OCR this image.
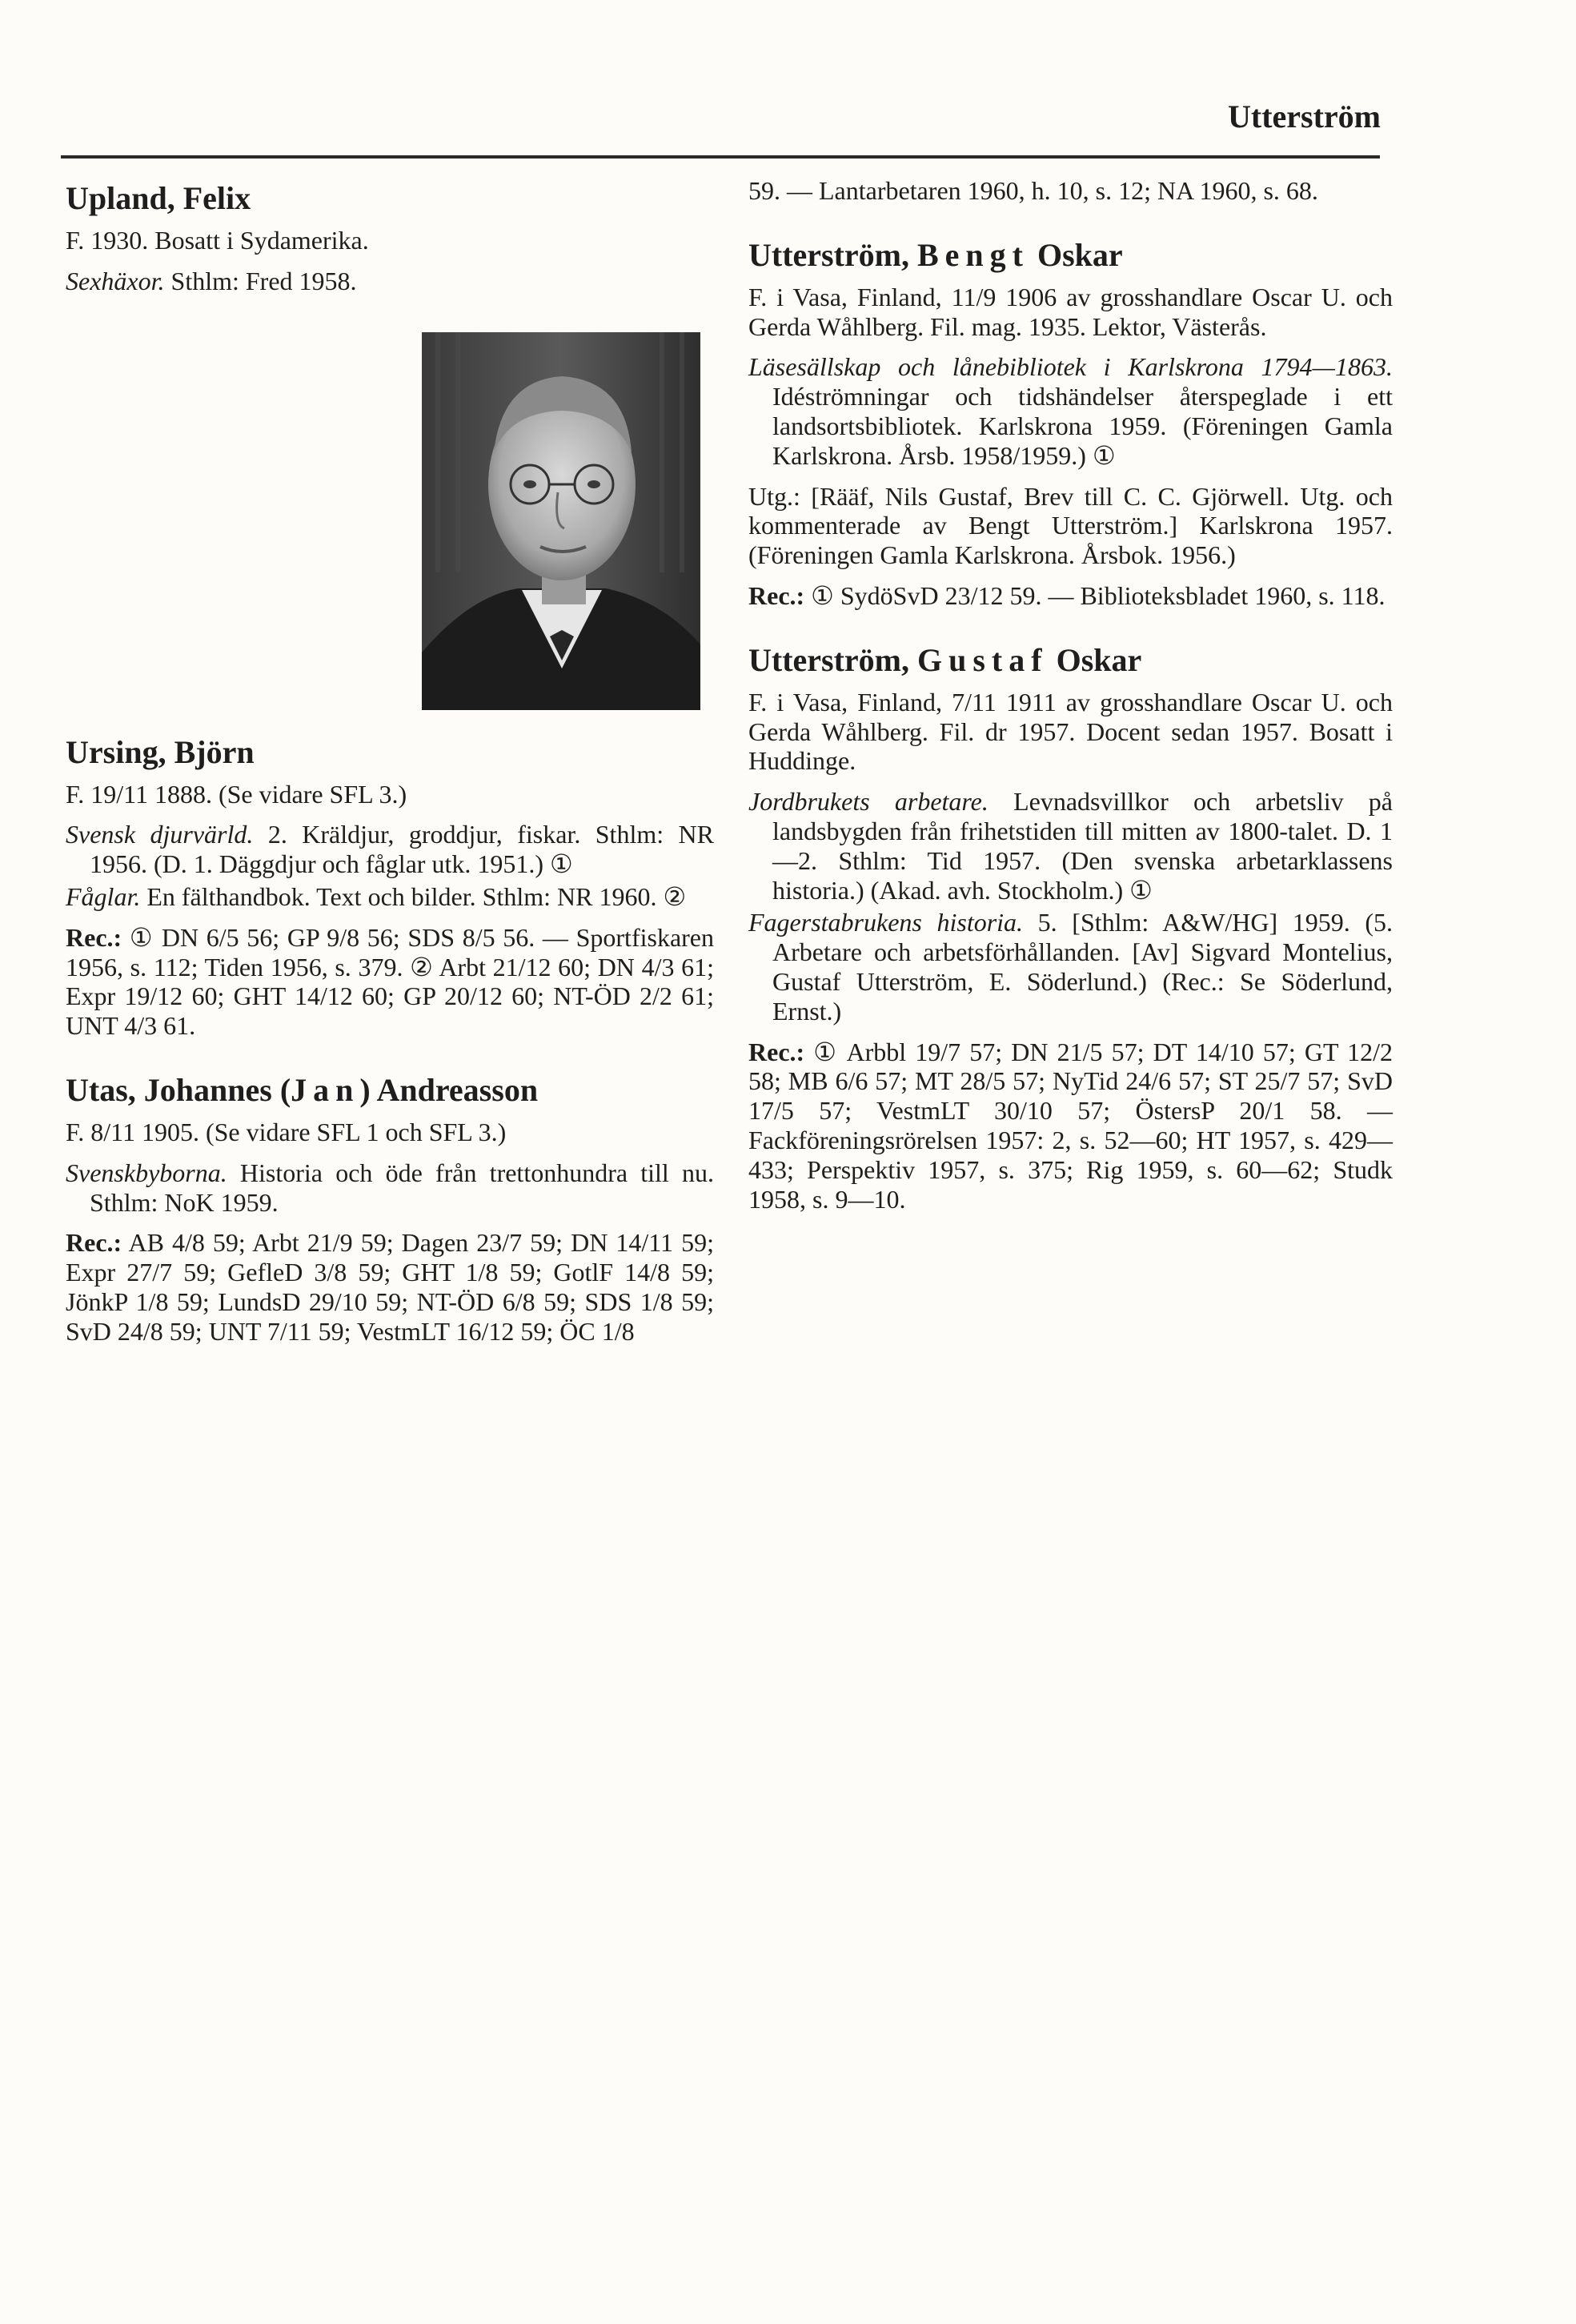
Utterström
Upland, Felix

F. 1930. Bosatt i Sydamerika.

Sexhäxor. Sthlm: Fred 1958.

Ursing, Björn

F. 19/11 1888. (Se vidare SFL 3.)

Svensk djurvärld. 2. Kräldjur, groddjur, fiskar. Sthlm: NR 1956. (D. 1. Däggdjur och fåglar utk. 1951.) ①

Fåglar. En fälthandbok. Text och bilder. Sthlm: NR 1960. ②

Rec.: ① DN 6/5 56; GP 9/8 56; SDS 8/5 56. — Sportfiskaren 1956, s. 112; Tiden 1956, s. 379. ② Arbt 21/12 60; DN 4/3 61; Expr 19/12 60; GHT 14/12 60; GP 20/12 60; NT-ÖD 2/2 61; UNT 4/3 61.

Utas, Johannes (Jan) Andreasson

F. 8/11 1905. (Se vidare SFL 1 och SFL 3.)

Svenskbyborna. Historia och öde från trettonhundra till nu. Sthlm: NoK 1959.

Rec.: AB 4/8 59; Arbt 21/9 59; Dagen 23/7 59; DN 14/11 59; Expr 27/7 59; GefleD 3/8 59; GHT 1/8 59; GotlF 14/8 59; JönkP 1/8 59; LundsD 29/10 59; NT-ÖD 6/8 59; SDS 1/8 59; SvD 24/8 59; UNT 7/11 59; VestmLT 16/12 59; ÖC 1/8

59. — Lantarbetaren 1960, h. 10, s. 12; NA 1960, s. 68.

Utterström, Bengt Oskar

F. i Vasa, Finland, 11/9 1906 av grosshandlare Oscar U. och Gerda Wåhlberg. Fil. mag. 1935. Lektor, Västerås.

Läsesällskap och lånebibliotek i Karlskrona 1794—1863. Idéströmningar och tidshändelser återspeglade i ett landsortsbibliotek. Karlskrona 1959. (Föreningen Gamla Karlskrona. Årsb. 1958/1959.) ①

Utg.: [Rääf, Nils Gustaf, Brev till C. C. Gjörwell. Utg. och kommenterade av Bengt Utterström.] Karlskrona 1957. (Föreningen Gamla Karlskrona. Årsbok. 1956.)

Rec.: ① SydöSvD 23/12 59. — Biblioteksbladet 1960, s. 118.

Utterström, Gustaf Oskar

F. i Vasa, Finland, 7/11 1911 av grosshandlare Oscar U. och Gerda Wåhlberg. Fil. dr 1957. Docent sedan 1957. Bosatt i Huddinge.

Jordbrukets arbetare. Levnadsvillkor och arbetsliv på landsbygden från frihetstiden till mitten av 1800-talet. D. 1—2. Sthlm: Tid 1957. (Den svenska arbetarklassens historia.) (Akad. avh. Stockholm.) ①

Fagerstabrukens historia. 5. [Sthlm: A&W/HG] 1959. (5. Arbetare och arbetsförhållanden. [Av] Sigvard Montelius, Gustaf Utterström, E. Söderlund.) (Rec.: Se Söderlund, Ernst.)

Rec.: ① Arbbl 19/7 57; DN 21/5 57; DT 14/10 57; GT 12/2 58; MB 6/6 57; MT 28/5 57; NyTid 24/6 57; ST 25/7 57; SvD 17/5 57; VestmLT 30/10 57; ÖstersP 20/1 58. — Fackföreningsrörelsen 1957: 2, s. 52—60; HT 1957, s. 429—433; Perspektiv 1957, s. 375; Rig 1959, s. 60—62; Studk 1958, s. 9—10.
